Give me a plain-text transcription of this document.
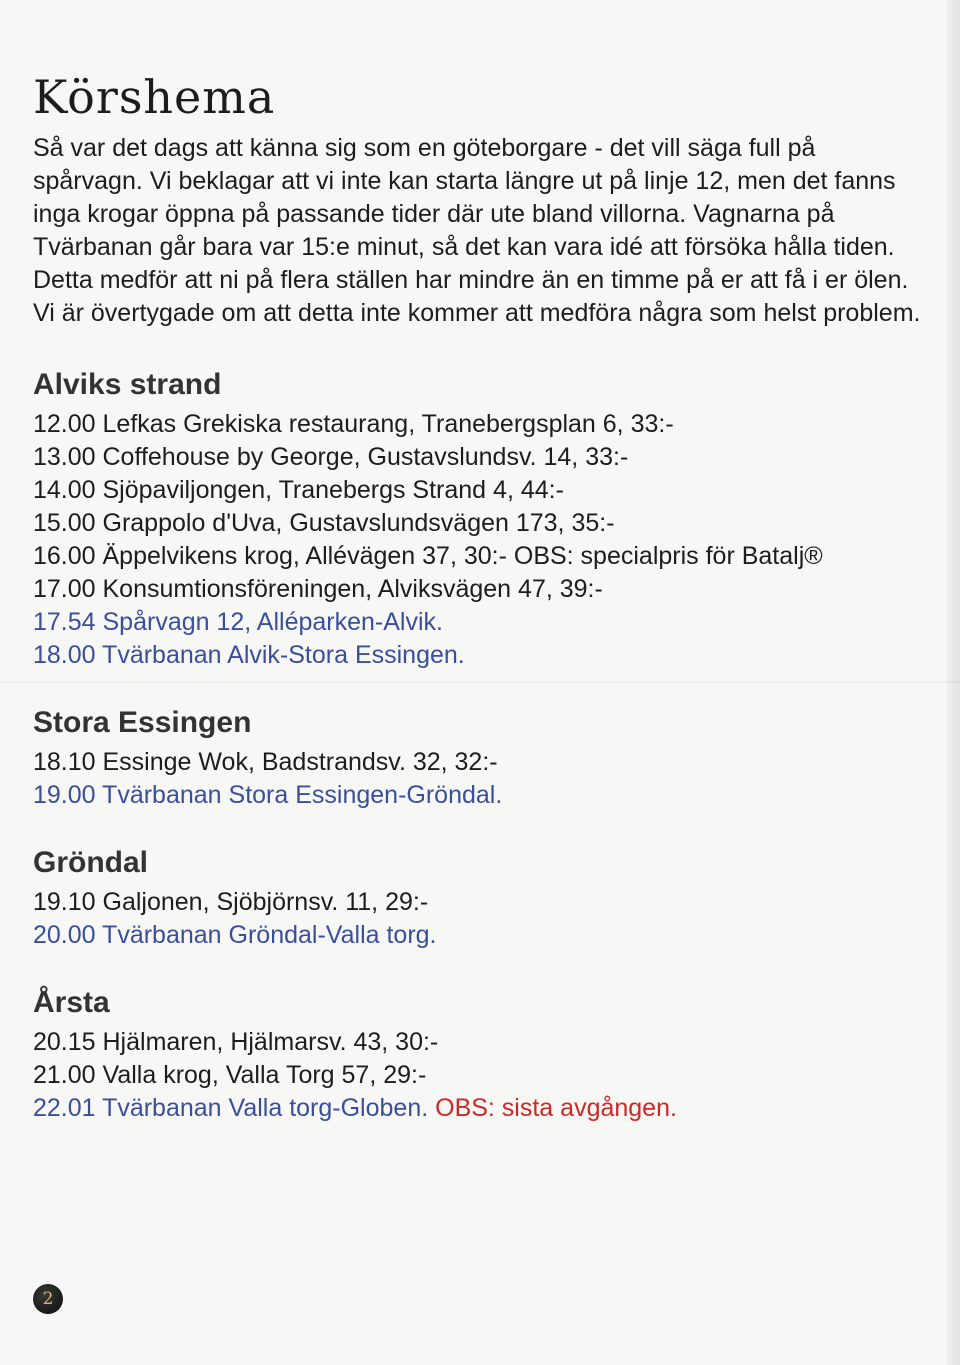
Körshema

Så var det dags att känna sig som en göteborgare - det vill säga full på spårvagn. Vi beklagar att vi inte kan starta längre ut på linje 12, men det fanns inga krogar öppna på passande tider där ute bland villorna. Vagnarna på Tvärbanan går bara var 15:e minut, så det kan vara idé att försöka hålla tiden. Detta medför att ni på flera ställen har mindre än en timme på er att få i er ölen. Vi är övertygade om att detta inte kommer att medföra några som helst problem.

Alviks strand
12.00 Lefkas Grekiska restaurang, Tranebergsplan 6, 33:-
13.00 Coffehouse by George, Gustavslundsv. 14, 33:-
14.00 Sjöpaviljongen, Tranebergs Strand 4, 44:-
15.00 Grappolo d'Uva, Gustavslundsvägen 173, 35:-
16.00 Äppelvikens krog, Allévägen 37, 30:- OBS: specialpris för Batalj®
17.00 Konsumtionsföreningen, Alviksvägen 47, 39:-
17.54 Spårvagn 12, Alléparken-Alvik.
18.00 Tvärbanan Alvik-Stora Essingen.
Stora Essingen
18.10 Essinge Wok, Badstrandsv. 32, 32:-
19.00 Tvärbanan Stora Essingen-Gröndal.
Gröndal
19.10 Galjonen, Sjöbjörnsv. 11, 29:-
20.00 Tvärbanan Gröndal-Valla torg.
Årsta
20.15 Hjälmaren, Hjälmarsv. 43, 30:-
21.00 Valla krog, Valla Torg 57, 29:-
22.01 Tvärbanan Valla torg-Globen. OBS: sista avgången.
2
